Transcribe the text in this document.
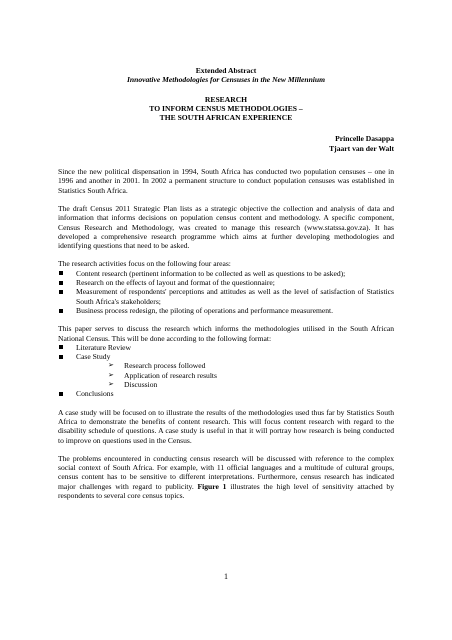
Extended Abstract
Innovative Methodologies for Censuses in the New Millennium
RESEARCH
TO INFORM CENSUS METHODOLOGIES –
THE SOUTH AFRICAN EXPERIENCE
Princelle Dasappa
Tjaart van der Walt

Since the new political dispensation in 1994, South Africa has conducted two population censuses – one in 1996 and another in 2001. In 2002 a permanent structure to conduct population censuses was established in Statistics South Africa.

The draft Census 2011 Strategic Plan lists as a strategic objective the collection and analysis of data and information that informs decisions on population census content and methodology. A specific component, Census Research and Methodology, was created to manage this research (www.statssa.gov.za). It has developed a comprehensive research programme which aims at further developing methodologies and identifying questions that need to be asked.

The research activities focus on the following four areas:

Content research (pertinent information to be collected as well as questions to be asked);
Research on the effects of layout and format of the questionnaire;
Measurement of respondents' perceptions and attitudes as well as the level of satisfaction of Statistics South Africa's stakeholders;
Business process redesign, the piloting of operations and performance measurement.

This paper serves to discuss the research which informs the methodologies utilised in the South African National Census. This will be done according to the following format:

Literature Review
Case Study
➢ Research process followed
➢ Application of research results
➢ Discussion
Conclusions

A case study will be focused on to illustrate the results of the methodologies used thus far by Statistics South Africa to demonstrate the benefits of content research. This will focus content research with regard to the disability schedule of questions. A case study is useful in that it will portray how research is being conducted to improve on questions used in the Census.

The problems encountered in conducting census research will be discussed with reference to the complex social context of South Africa. For example, with 11 official languages and a multitude of cultural groups, census content has to be sensitive to different interpretations. Furthermore, census research has indicated major challenges with regard to publicity. Figure 1 illustrates the high level of sensitivity attached by respondents to several core census topics.

1
